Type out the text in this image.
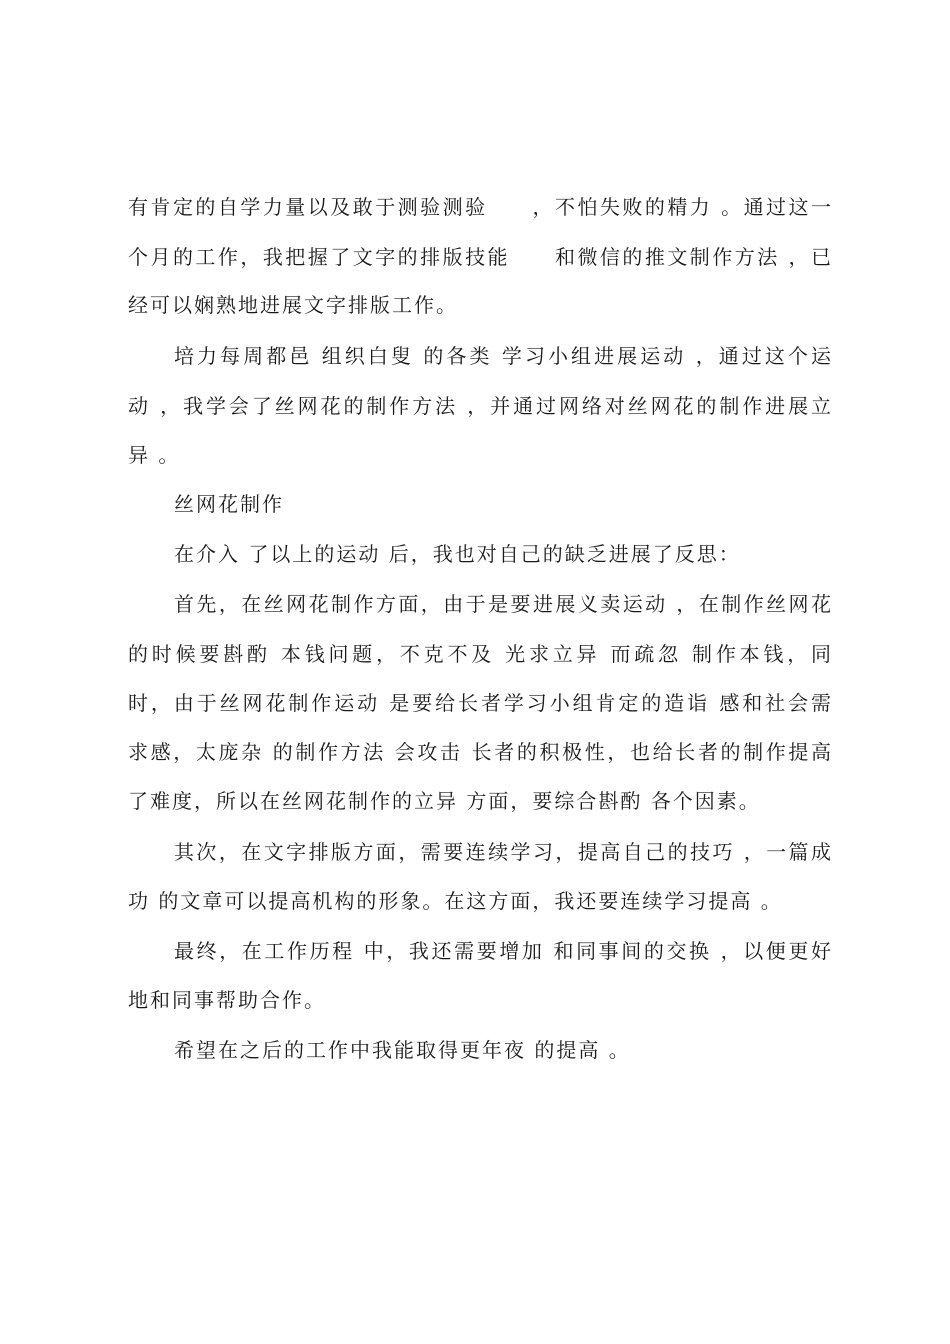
有肯定的自学力量以及敢于测验测验　　，不怕失败的精力 。通过这一
个月的工作，我把握了文字的排版技能　　和微信的推文制作方法 ，已
经可以娴熟地进展文字排版工作。
培力每周都邑 组织白叟 的各类 学习小组进展运动 ，通过这个运
动 ，我学会了丝网花的制作方法 ，并通过网络对丝网花的制作进展立
异 。
丝网花制作
在介入 了以上的运动 后，我也对自己的缺乏进展了反思：
首先，在丝网花制作方面，由于是要进展义卖运动 ，在制作丝网花
的时候要斟酌 本钱问题，不克不及 光求立异 而疏忽 制作本钱，同
时，由于丝网花制作运动 是要给长者学习小组肯定的造诣 感和社会需
求感，太庞杂 的制作方法 会攻击 长者的积极性，也给长者的制作提高
了难度，所以在丝网花制作的立异 方面，要综合斟酌 各个因素。
其次，在文字排版方面，需要连续学习，提高自己的技巧 ，一篇成
功 的文章可以提高机构的形象。在这方面，我还要连续学习提高 。
最终，在工作历程 中，我还需要增加 和同事间的交换 ，以便更好
地和同事帮助合作。
希望在之后的工作中我能取得更年夜 的提高 。
